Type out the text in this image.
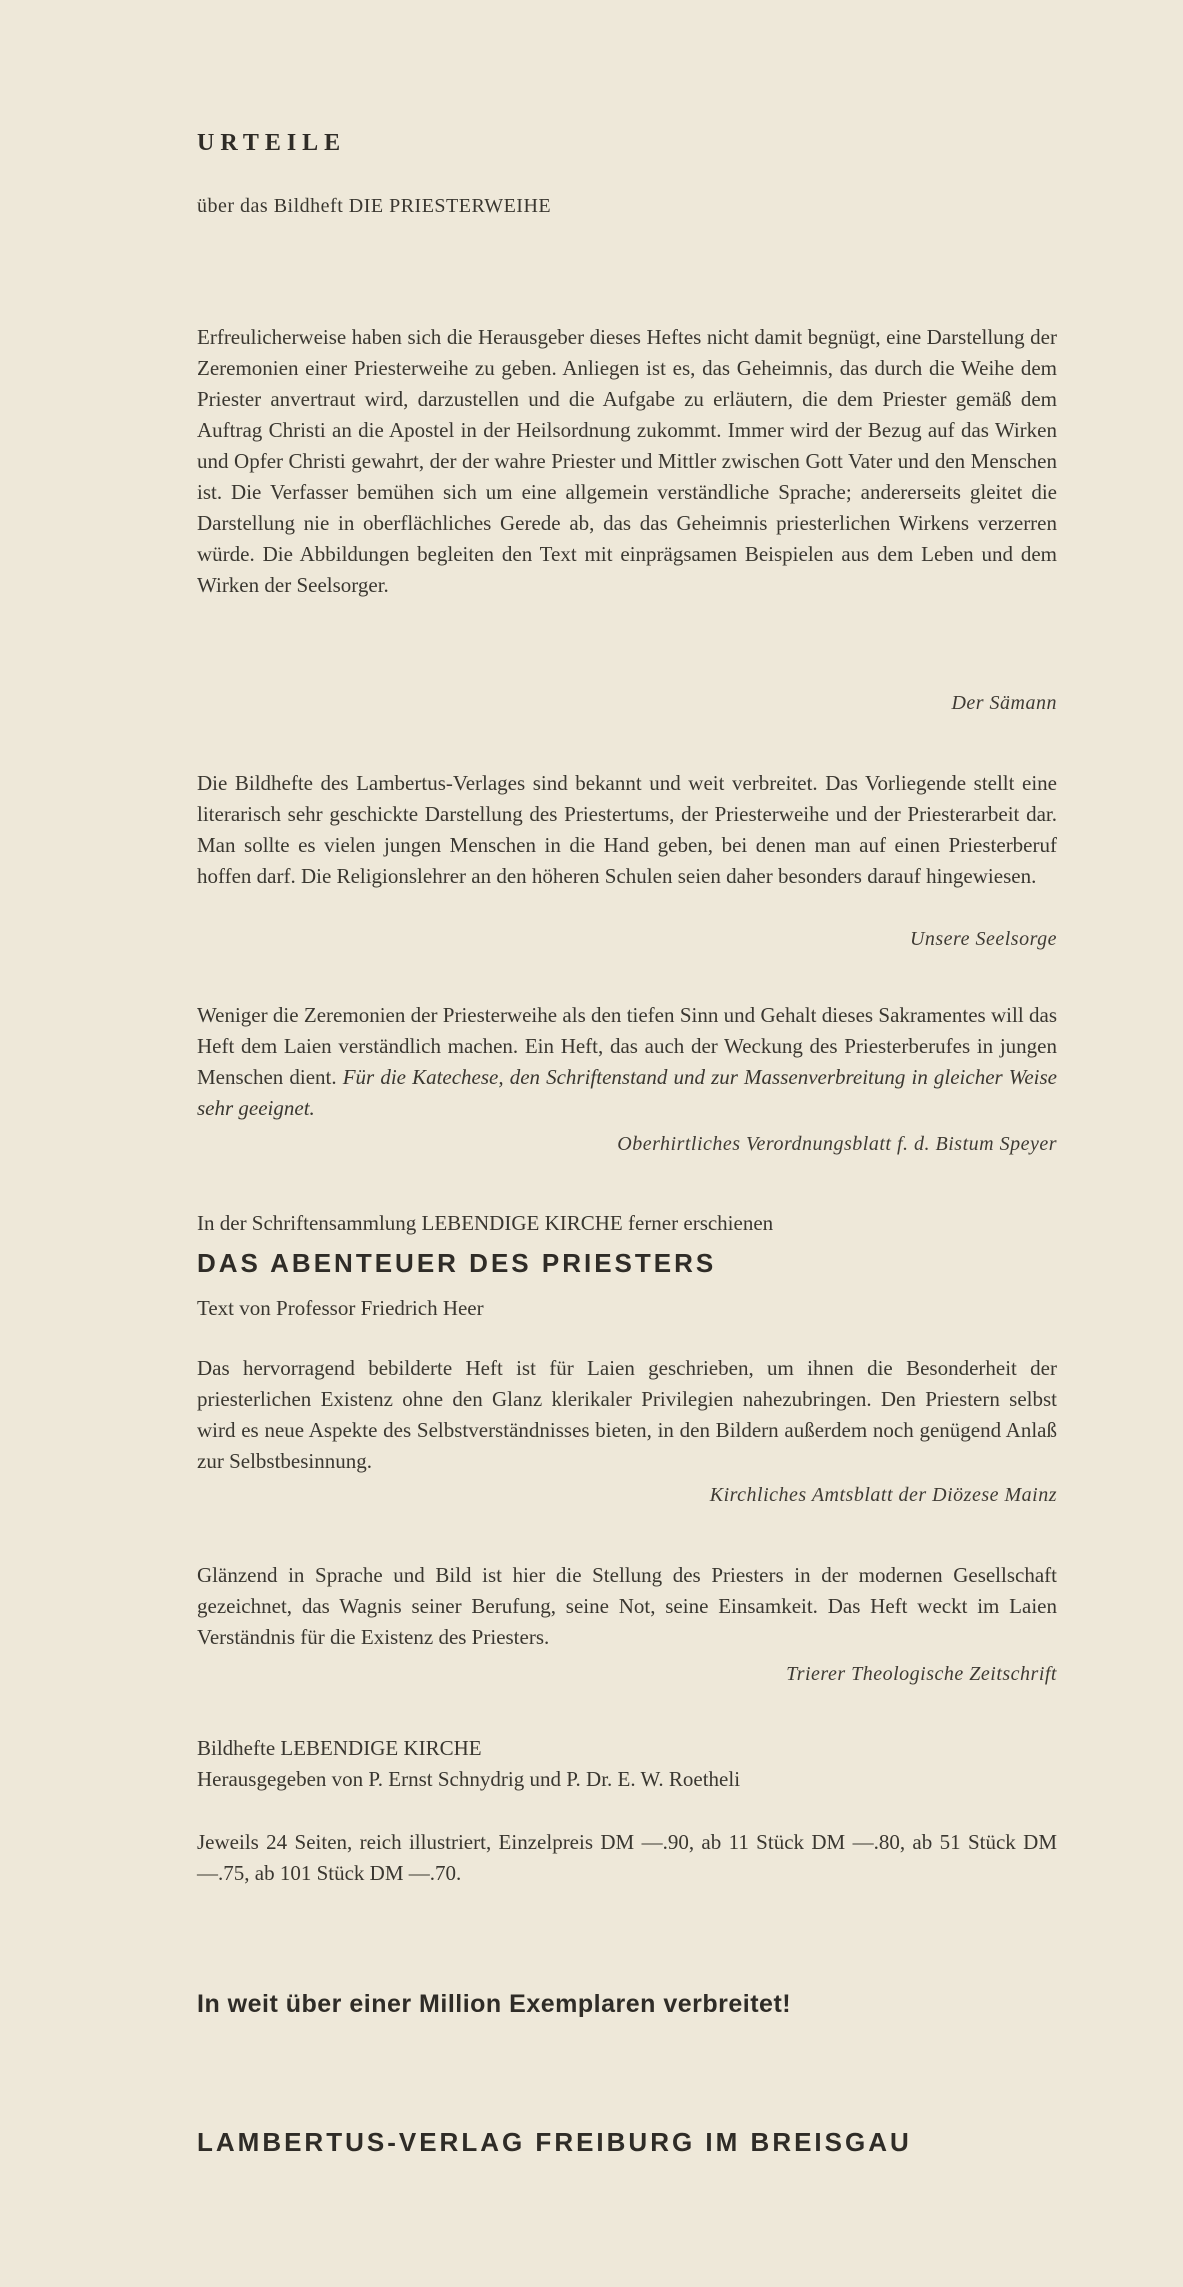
URTEILE
über das Bildheft DIE PRIESTERWEIHE
Erfreulicherweise haben sich die Herausgeber dieses Heftes nicht damit begnügt, eine Darstellung der Zeremonien einer Priesterweihe zu geben. Anliegen ist es, das Geheimnis, das durch die Weihe dem Priester anvertraut wird, darzustellen und die Aufgabe zu erläutern, die dem Priester gemäß dem Auftrag Christi an die Apostel in der Heilsordnung zukommt. Immer wird der Bezug auf das Wirken und Opfer Christi gewahrt, der der wahre Priester und Mittler zwischen Gott Vater und den Menschen ist. Die Verfasser bemühen sich um eine allgemein verständliche Sprache; andererseits gleitet die Darstellung nie in oberflächliches Gerede ab, das das Geheimnis priesterlichen Wirkens verzerren würde. Die Abbildungen begleiten den Text mit einprägsamen Beispielen aus dem Leben und dem Wirken der Seelsorger.
Der Sämann
Die Bildhefte des Lambertus-Verlages sind bekannt und weit verbreitet. Das Vorliegende stellt eine literarisch sehr geschickte Darstellung des Priestertums, der Priesterweihe und der Priesterarbeit dar. Man sollte es vielen jungen Menschen in die Hand geben, bei denen man auf einen Priesterberuf hoffen darf. Die Religionslehrer an den höheren Schulen seien daher besonders darauf hingewiesen.
Unsere Seelsorge
Weniger die Zeremonien der Priesterweihe als den tiefen Sinn und Gehalt dieses Sakramentes will das Heft dem Laien verständlich machen. Ein Heft, das auch der Weckung des Priesterberufes in jungen Menschen dient. Für die Katechese, den Schriftenstand und zur Massenverbreitung in gleicher Weise sehr geeignet.
Oberhirtliches Verordnungsblatt f. d. Bistum Speyer
In der Schriftensammlung LEBENDIGE KIRCHE ferner erschienen
DAS ABENTEUER DES PRIESTERS
Text von Professor Friedrich Heer
Das hervorragend bebilderte Heft ist für Laien geschrieben, um ihnen die Besonderheit der priesterlichen Existenz ohne den Glanz klerikaler Privilegien nahezubringen. Den Priestern selbst wird es neue Aspekte des Selbstverständnisses bieten, in den Bildern außerdem noch genügend Anlaß zur Selbstbesinnung.
Kirchliches Amtsblatt der Diözese Mainz
Glänzend in Sprache und Bild ist hier die Stellung des Priesters in der modernen Gesellschaft gezeichnet, das Wagnis seiner Berufung, seine Not, seine Einsamkeit. Das Heft weckt im Laien Verständnis für die Existenz des Priesters.
Trierer Theologische Zeitschrift
Bildhefte LEBENDIGE KIRCHE
Herausgegeben von P. Ernst Schnydrig und P. Dr. E. W. Roetheli
Jeweils 24 Seiten, reich illustriert, Einzelpreis DM —.90, ab 11 Stück DM —.80, ab 51 Stück DM —.75, ab 101 Stück DM —.70.
In weit über einer Million Exemplaren verbreitet!
LAMBERTUS-VERLAG FREIBURG IM BREISGAU
